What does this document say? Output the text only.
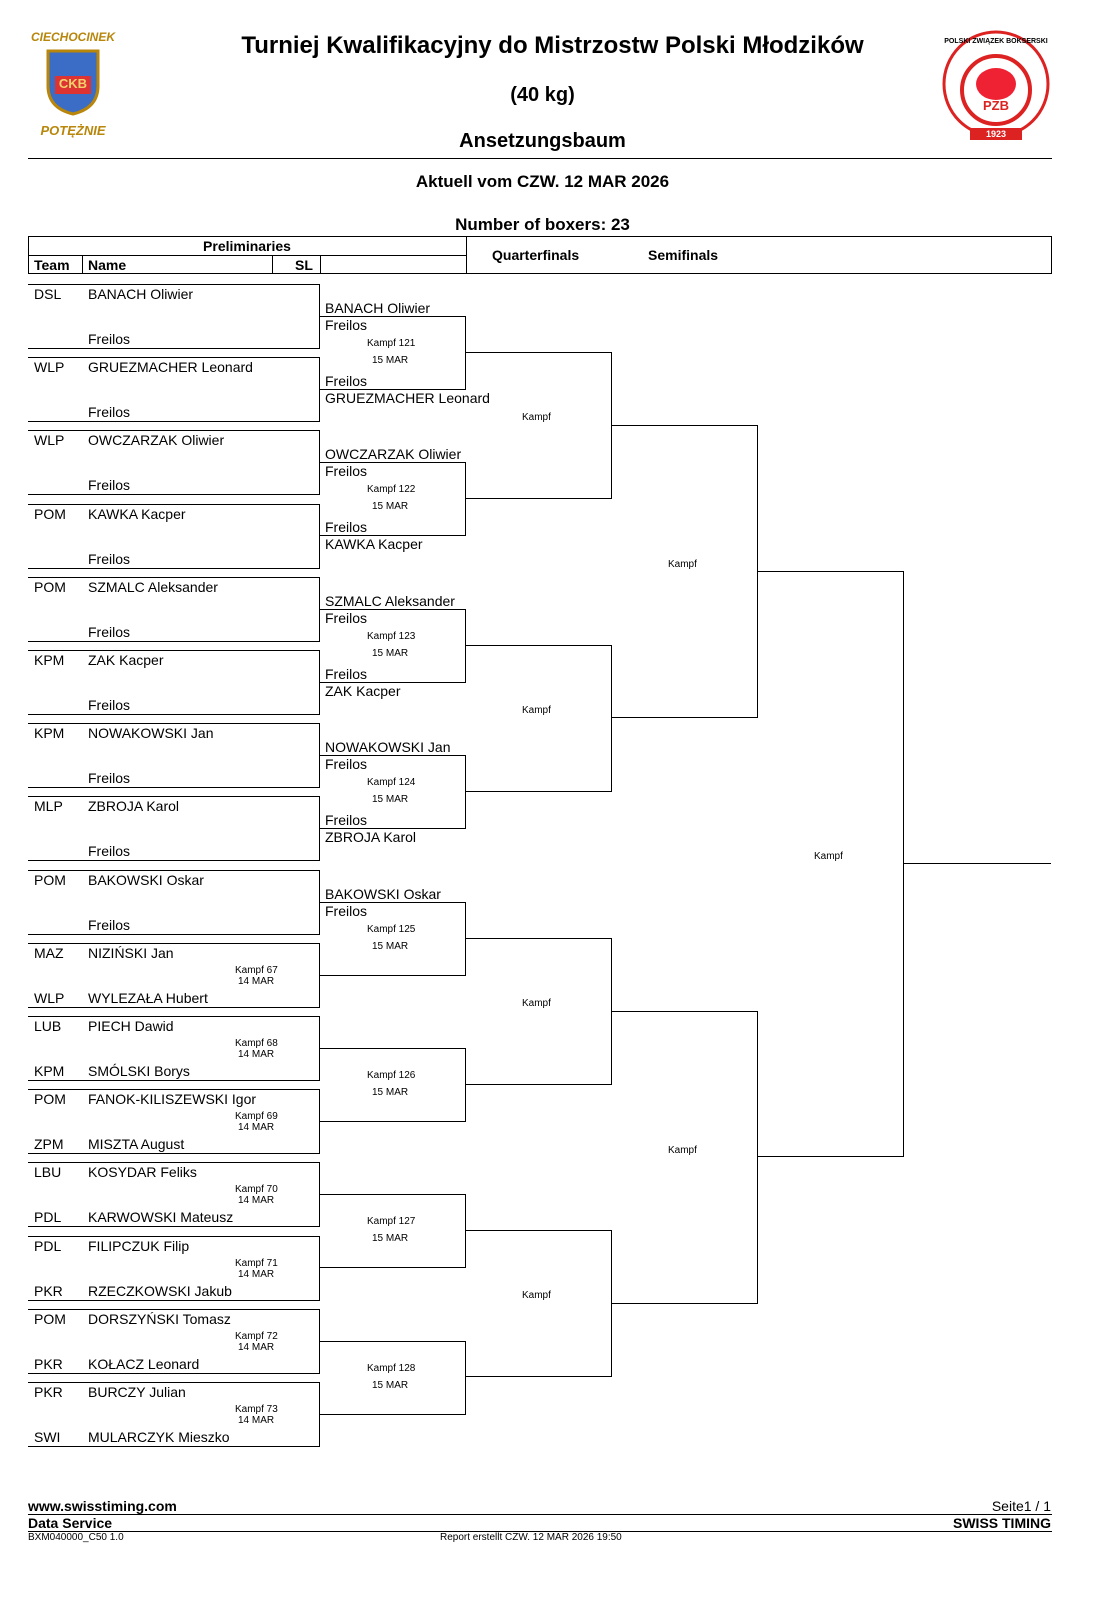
CIECHOCINEK
CKB
POTĘŻNIE
POLSKI ZWIĄZEK BOKSERSKI
PZB
1923
Turniej Kwalifikacyjny do Mistrzostw Polski Młodzików
(40 kg)
Ansetzungsbaum
Aktuell vom CZW. 12 MAR 2026
Number of boxers: 23
Preliminaries
Team Name	SL
Quarterfinals	Semifinals
DSL BANACH Oliwier
Freilos
WLP GRUEZMACHER Leonard
Freilos
WLP OWCZARZAK Oliwier
Freilos
POM KAWKA Kacper
Freilos
POM SZMALC Aleksander
Freilos
KPM ZAK Kacper
Freilos
KPM NOWAKOWSKI Jan
Freilos
MLP ZBROJA Karol
Freilos
POM BAKOWSKI Oskar
Freilos
MAZ NIZIŃSKI Jan
WLP WYLEZAŁA Hubert
Kampf 67
14 MAR
LUB PIECH Dawid
KPM SMÓLSKI Borys
Kampf 68
14 MAR
POM FANOK-KILISZEWSKI Igor
ZPM MISZTA August
Kampf 69
14 MAR
LBU KOSYDAR Feliks
PDL KARWOWSKI Mateusz
Kampf 70
14 MAR
PDL FILIPCZUK Filip
PKR RZECZKOWSKI Jakub
Kampf 71
14 MAR
POM DORSZYŃSKI Tomasz
PKR KOŁACZ Leonard
Kampf 72
14 MAR
PKR BURCZY Julian
SWI MULARCZYK Mieszko
Kampf 73
14 MAR
BANACH Oliwier
Freilos
Kampf 121
15 MAR
Freilos
GRUEZMACHER Leonard
OWCZARZAK Oliwier
Freilos
Kampf 122
15 MAR
Freilos
KAWKA Kacper
SZMALC Aleksander
Freilos
Kampf 123
15 MAR
Freilos
ZAK Kacper
NOWAKOWSKI Jan
Freilos
Kampf 124
15 MAR
Freilos
ZBROJA Karol
BAKOWSKI Oskar
Freilos
Kampf 125
15 MAR
Kampf 126
15 MAR
Kampf 127
15 MAR
Kampf 128
15 MAR
Kampf
Kampf
Kampf
Kampf
Kampf
Kampf
Kampf
www.swisstiming.com
Data Service
BXM040000_C50 1.0	Report erstellt CZW. 12 MAR 2026 19:50
Seite1 / 1
SWISS TIMING
